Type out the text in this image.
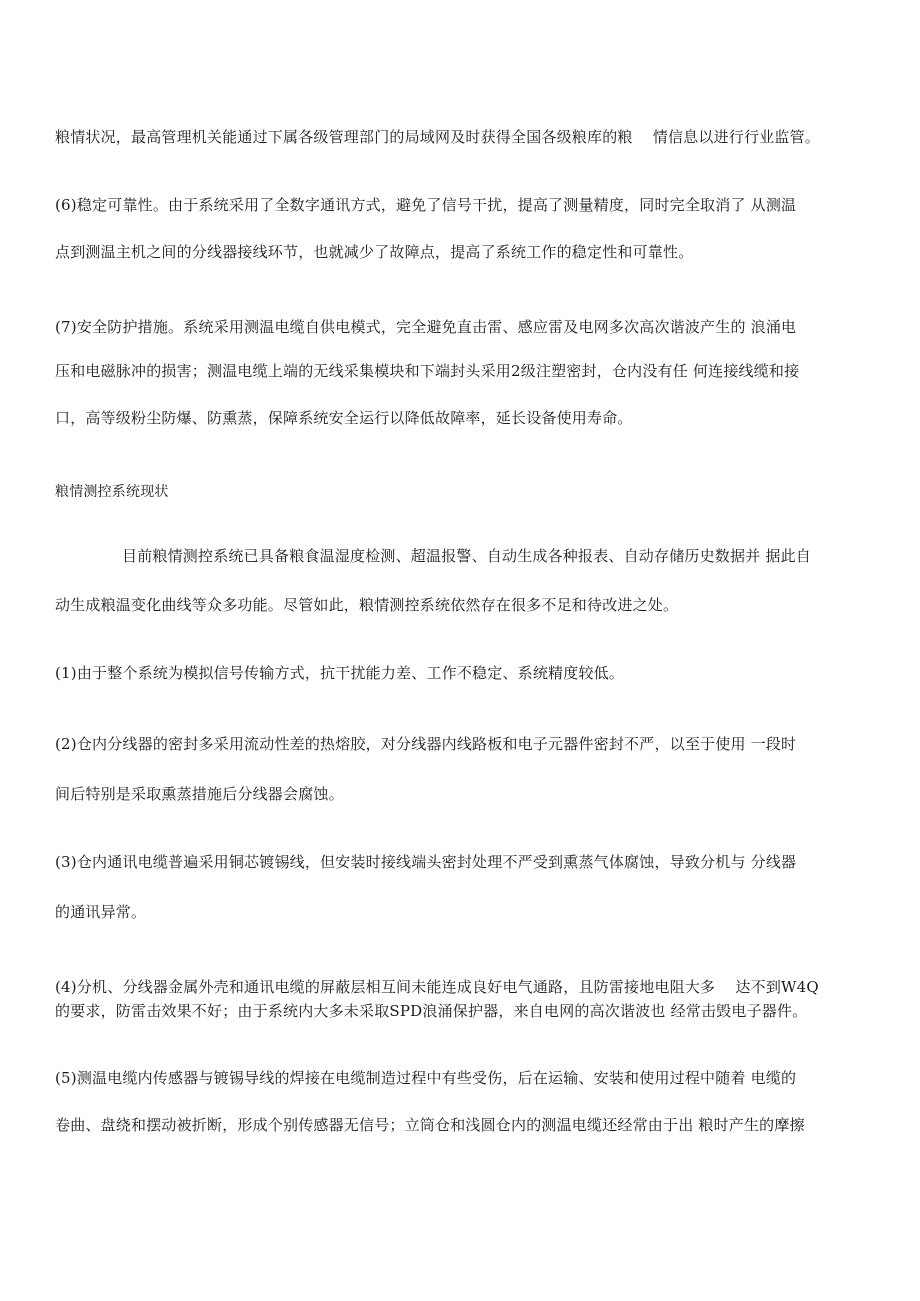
粮情状况，最高管理机关能通过下属各级管理部门的局域网及时获得全国各级粮库的粮　 情信息以进行行业监管。
(6)稳定可靠性。由于系统采用了全数字通讯方式，避免了信号干扰，提高了测量精度，同时完全取消了 从测温
点到测温主机之间的分线器接线环节，也就减少了故障点，提高了系统工作的稳定性和可靠性。
(7)安全防护措施。系统采用测温电缆自供电模式，完全避免直击雷、感应雷及电网多次高次谐波产生的 浪涌电
压和电磁脉冲的损害；测温电缆上端的无线采集模块和下端封头采用2级注塑密封，仓内没有任 何连接线缆和接
口，高等级粉尘防爆、防熏蒸，保障系统安全运行以降低故障率，延长设备使用寿命。
粮情测控系统现状
目前粮情测控系统已具备粮食温湿度检测、超温报警、自动生成各种报表、自动存储历史数据并 据此自
动生成粮温变化曲线等众多功能。尽管如此，粮情测控系统依然存在很多不足和待改进之处。
(1)由于整个系统为模拟信号传输方式，抗干扰能力差、工作不稳定、系统精度较低。
(2)仓内分线器的密封多采用流动性差的热熔胶，对分线器内线路板和电子元器件密封不严，以至于使用 一段时
间后特别是采取熏蒸措施后分线器会腐蚀。
(3)仓内通讯电缆普遍采用铜芯镀锡线，但安装时接线端头密封处理不严受到熏蒸气体腐蚀，导致分机与 分线器
的通讯异常。
(4)分机、分线器金属外壳和通讯电缆的屏蔽层相互间未能连成良好电气通路，且防雷接地电阻大多　 达不到W4Q
的要求，防雷击效果不好；由于系统内大多未采取SPD浪涌保护器，来自电网的高次谐波也 经常击毁电子器件。
(5)测温电缆内传感器与镀锡导线的焊接在电缆制造过程中有些受伤，后在运输、安装和使用过程中随着 电缆的
卷曲、盘绕和摆动被折断，形成个别传感器无信号；立筒仓和浅圆仓内的测温电缆还经常由于出 粮时产生的摩擦
